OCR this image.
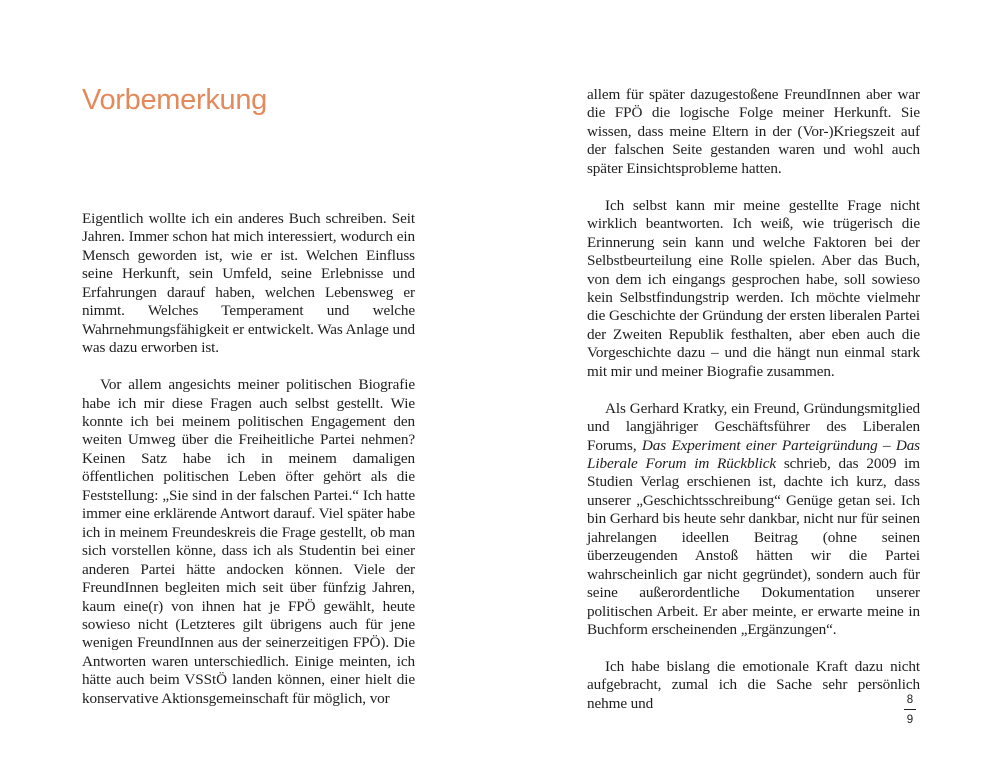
Vorbemerkung

Eigentlich wollte ich ein anderes Buch schreiben. Seit Jahren. Immer schon hat mich interessiert, wodurch ein Mensch geworden ist, wie er ist. Welchen Einfluss seine Herkunft, sein Umfeld, seine Erlebnisse und Erfahrungen darauf haben, welchen Lebensweg er nimmt. Welches Temperament und welche Wahrnehmungsfähigkeit er entwickelt. Was Anlage und was dazu erworben ist.

Vor allem angesichts meiner politischen Biografie habe ich mir diese Fragen auch selbst gestellt. Wie konnte ich bei meinem politischen Engagement den weiten Umweg über die Freiheitliche Partei nehmen? Keinen Satz habe ich in meinem damaligen öffentlichen politischen Leben öfter gehört als die Feststellung: „Sie sind in der falschen Partei.“ Ich hatte immer eine erklärende Antwort darauf. Viel später habe ich in meinem Freundeskreis die Frage gestellt, ob man sich vorstellen könne, dass ich als Studentin bei einer anderen Partei hätte andocken können. Viele der FreundInnen begleiten mich seit über fünfzig Jahren, kaum eine(r) von ihnen hat je FPÖ gewählt, heute sowieso nicht (Letzteres gilt übrigens auch für jene wenigen FreundInnen aus der seinerzeitigen FPÖ). Die Antworten waren unterschiedlich. Einige meinten, ich hätte auch beim VSStÖ landen können, einer hielt die konservative Aktionsgemeinschaft für möglich, vor

allem für später dazugestoßene FreundInnen aber war die FPÖ die logische Folge meiner Herkunft. Sie wissen, dass meine Eltern in der (Vor-)Kriegszeit auf der falschen Seite gestanden waren und wohl auch später Einsichtsprobleme hatten.

Ich selbst kann mir meine gestellte Frage nicht wirklich beantworten. Ich weiß, wie trügerisch die Erinnerung sein kann und welche Faktoren bei der Selbstbeurteilung eine Rolle spielen. Aber das Buch, von dem ich eingangs gesprochen habe, soll sowieso kein Selbstfindungstrip werden. Ich möchte vielmehr die Geschichte der Gründung der ersten liberalen Partei der Zweiten Republik festhalten, aber eben auch die Vorgeschichte dazu – und die hängt nun einmal stark mit mir und meiner Biografie zusammen.

Als Gerhard Kratky, ein Freund, Gründungsmitglied und langjähriger Geschäftsführer des Liberalen Forums, Das Experiment einer Parteigründung – Das Liberale Forum im Rückblick schrieb, das 2009 im Studien Verlag erschienen ist, dachte ich kurz, dass unserer „Geschichtsschreibung“ Genüge getan sei. Ich bin Gerhard bis heute sehr dankbar, nicht nur für seinen jahrelangen ideellen Beitrag (ohne seinen überzeugenden Anstoß hätten wir die Partei wahrscheinlich gar nicht gegründet), sondern auch für seine außerordentliche Dokumentation unserer politischen Arbeit. Er aber meinte, er erwarte meine in Buchform erscheinenden „Ergänzungen“.

Ich habe bislang die emotionale Kraft dazu nicht aufgebracht, zumal ich die Sache sehr persönlich nehme und	8
9
